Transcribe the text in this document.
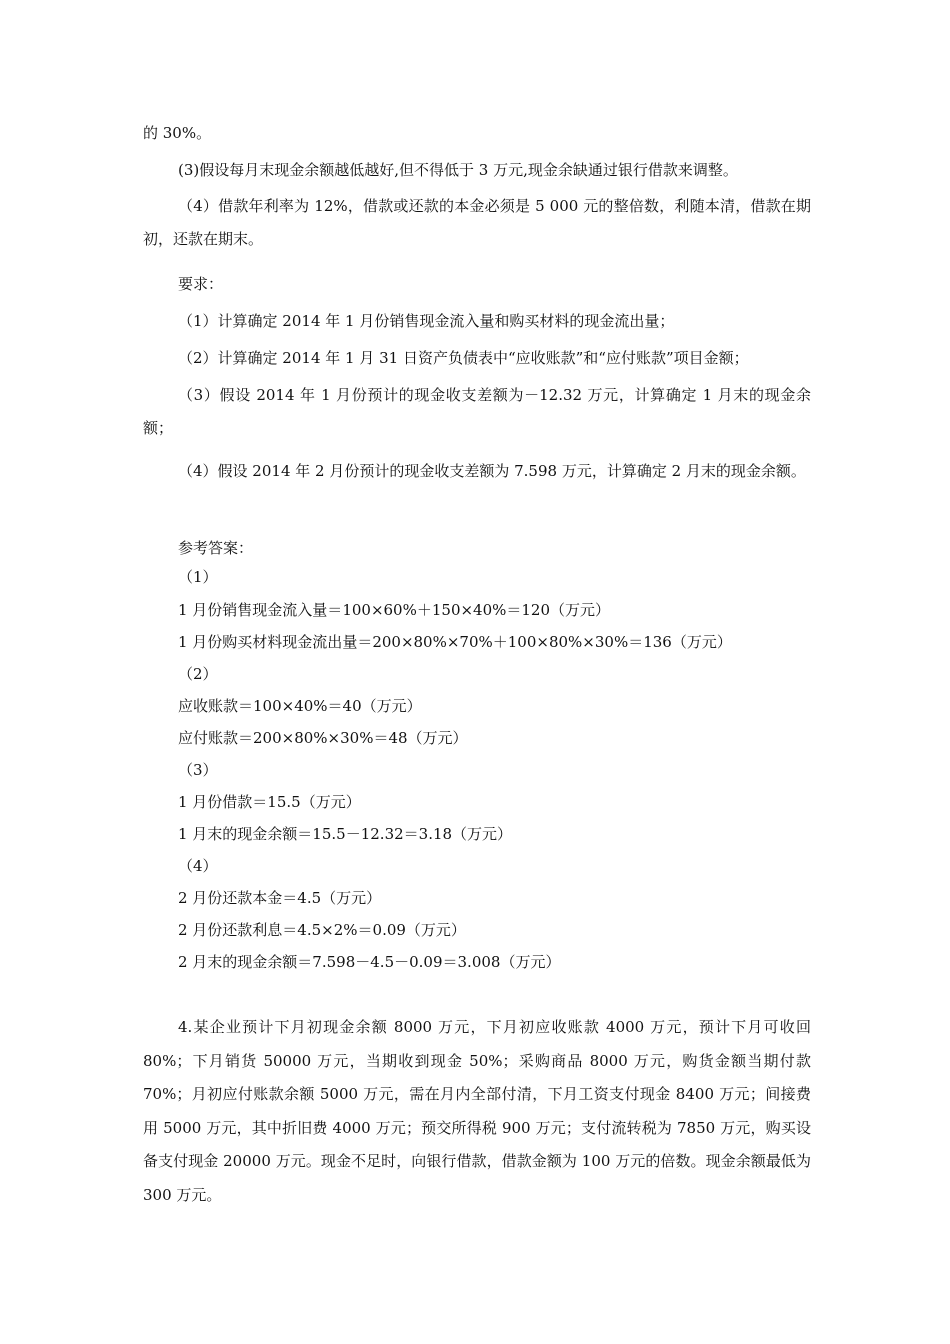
的 30%。
(3)假设每月末现金余额越低越好,但不得低于 3 万元,现金余缺通过银行借款来调整。
（4）借款年利率为 12%，借款或还款的本金必须是 5 000 元的整倍数，利随本清，借款在期初，还款在期末。
要求：
（1）计算确定 2014 年 1 月份销售现金流入量和购买材料的现金流出量；
（2）计算确定 2014 年 1 月 31 日资产负债表中“应收账款”和“应付账款”项目金额；
（3）假设 2014 年 1 月份预计的现金收支差额为－12.32 万元，计算确定 1 月末的现金余额；
（4）假设 2014 年 2 月份预计的现金收支差额为 7.598 万元，计算确定 2 月末的现金余额。
参考答案：
（1）
1 月份销售现金流入量＝100×60%＋150×40%＝120（万元）
1 月份购买材料现金流出量＝200×80%×70%＋100×80%×30%＝136（万元）
（2）
应收账款＝100×40%＝40（万元）
应付账款＝200×80%×30%＝48（万元）
（3）
1 月份借款＝15.5（万元）
1 月末的现金余额＝15.5－12.32＝3.18（万元）
（4）
2 月份还款本金＝4.5（万元）
2 月份还款利息＝4.5×2%＝0.09（万元）
2 月末的现金余额＝7.598－4.5－0.09＝3.008（万元）
4.某企业预计下月初现金余额 8000 万元，下月初应收账款 4000 万元，预计下月可收回 80%；下月销货 50000 万元，当期收到现金 50%；采购商品 8000 万元，购货金额当期付款 70%；月初应付账款余额 5000 万元，需在月内全部付清，下月工资支付现金 8400 万元；间接费用 5000 万元，其中折旧费 4000 万元；预交所得税 900 万元；支付流转税为 7850 万元，购买设备支付现金 20000 万元。现金不足时，向银行借款，借款金额为 100 万元的倍数。现金余额最低为 300 万元。
